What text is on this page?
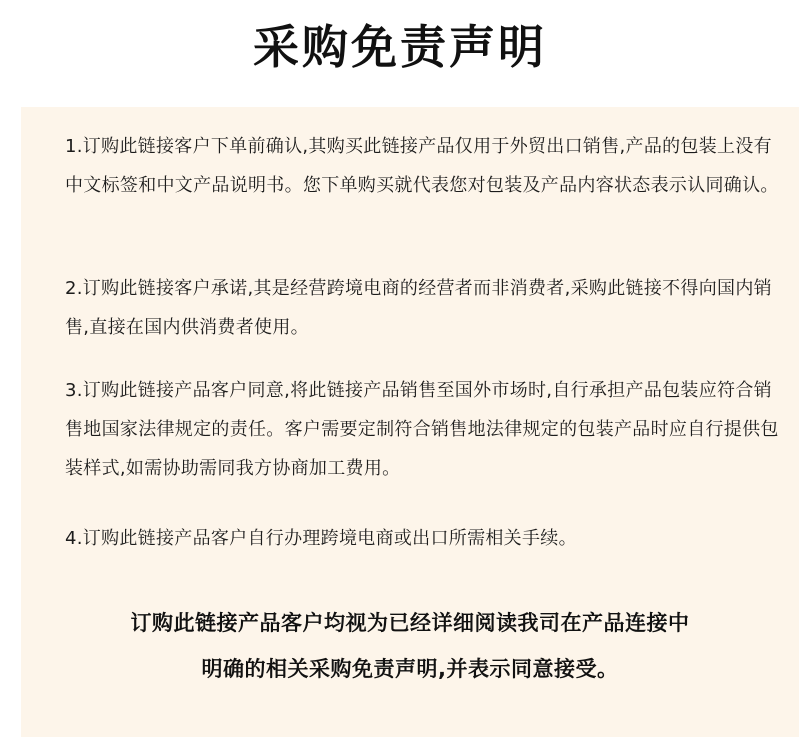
采购免责声明
1.订购此链接客户下单前确认,其购买此链接产品仅用于外贸出口销售,产品的包装上没有中文标签和中文产品说明书。您下单购买就代表您对包装及产品内容状态表示认同确认。
2.订购此链接客户承诺,其是经营跨境电商的经营者而非消费者,采购此链接不得向国内销售,直接在国内供消费者使用。
3.订购此链接产品客户同意,将此链接产品销售至国外市场时,自行承担产品包装应符合销售地国家法律规定的责任。客户需要定制符合销售地法律规定的包装产品时应自行提供包装样式,如需协助需同我方协商加工费用。
4.订购此链接产品客户自行办理跨境电商或出口所需相关手续。
订购此链接产品客户均视为已经详细阅读我司在产品连接中
明确的相关采购免责声明,并表示同意接受。
